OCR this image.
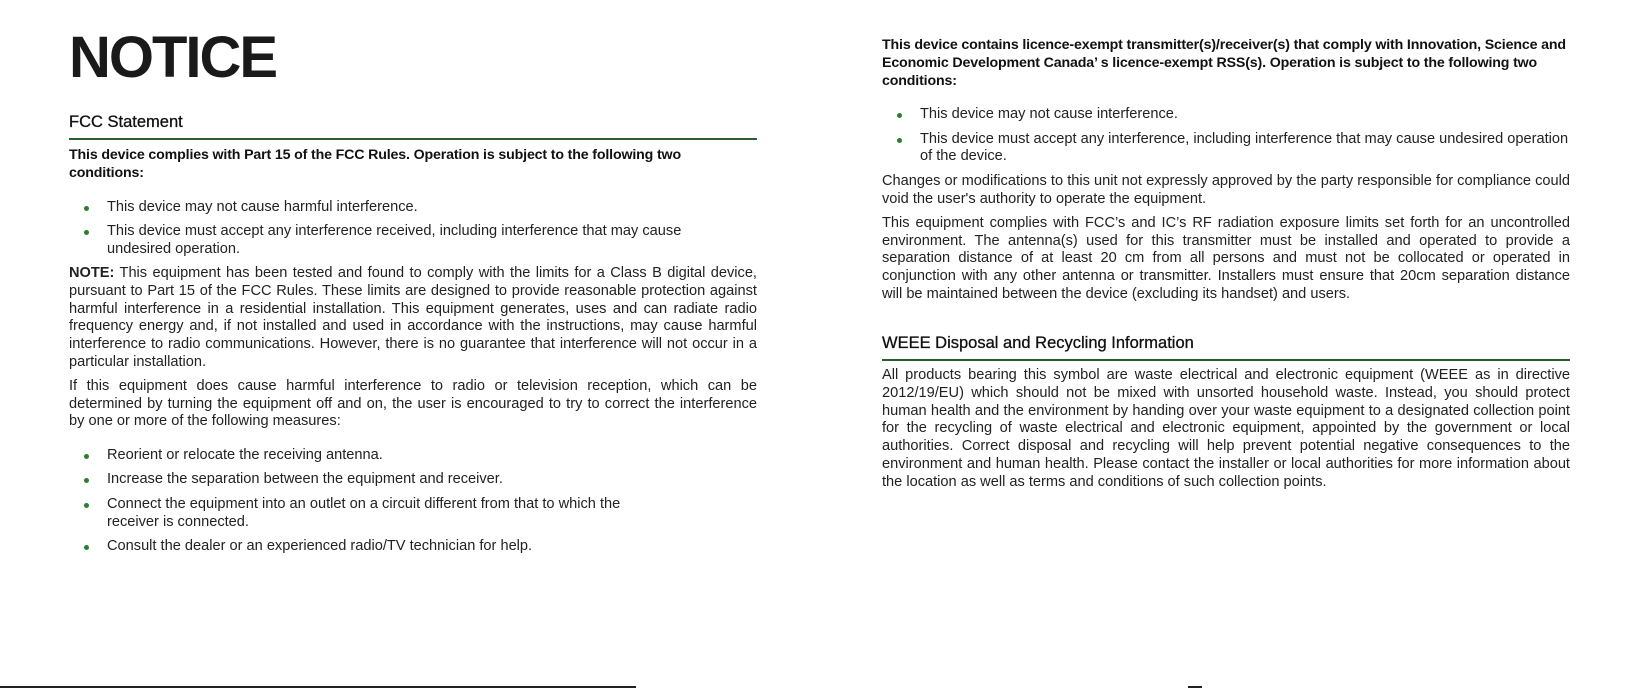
NOTICE
FCC Statement

This device complies with Part 15 of the FCC Rules. Operation is subject to the following two conditions:

This device may not cause harmful interference.
This device must accept any interference received, including interference that may cause undesired operation.

NOTE: This equipment has been tested and found to comply with the limits for a Class B digital device, pursuant to Part 15 of the FCC Rules. These limits are designed to provide reasonable protection against harmful interference in a residential installation. This equipment generates, uses and can radiate radio frequency energy and, if not installed and used in accordance with the instructions, may cause harmful interference to radio communications. However, there is no guarantee that interference will not occur in a particular installation.

If this equipment does cause harmful interference to radio or television reception, which can be determined by turning the equipment off and on, the user is encouraged to try to correct the interference by one or more of the following measures:

Reorient or relocate the receiving antenna.
Increase the separation between the equipment and receiver.
Connect the equipment into an outlet on a circuit different from that to which the receiver is connected.
Consult the dealer or an experienced radio/TV technician for help.

This device contains licence-exempt transmitter(s)/receiver(s) that comply with Innovation, Science and Economic Development Canada’ s licence-exempt RSS(s). Operation is subject to the following two conditions:

This device may not cause interference.
This device must accept any interference, including interference that may cause undesired operation of the device.

Changes or modifications to this unit not expressly approved by the party responsible for compliance could void the user's authority to operate the equipment.

This equipment complies with FCC’s and IC’s RF radiation exposure limits set forth for an uncontrolled environment. The antenna(s) used for this transmitter must be installed and operated to provide a separation distance of at least 20 cm from all persons and must not be collocated or operated in conjunction with any other antenna or transmitter. Installers must ensure that 20cm separation distance will be maintained between the device (excluding its handset) and users.

WEEE Disposal and Recycling Information

All products bearing this symbol are waste electrical and electronic equipment (WEEE as in directive 2012/19/EU) which should not be mixed with unsorted household waste. Instead, you should protect human health and the environment by handing over your waste equipment to a designated collection point for the recycling of waste electrical and electronic equipment, appointed by the government or local authorities. Correct disposal and recycling will help prevent potential negative consequences to the environment and human health. Please contact the installer or local authorities for more information about the location as well as terms and conditions of such collection points.
